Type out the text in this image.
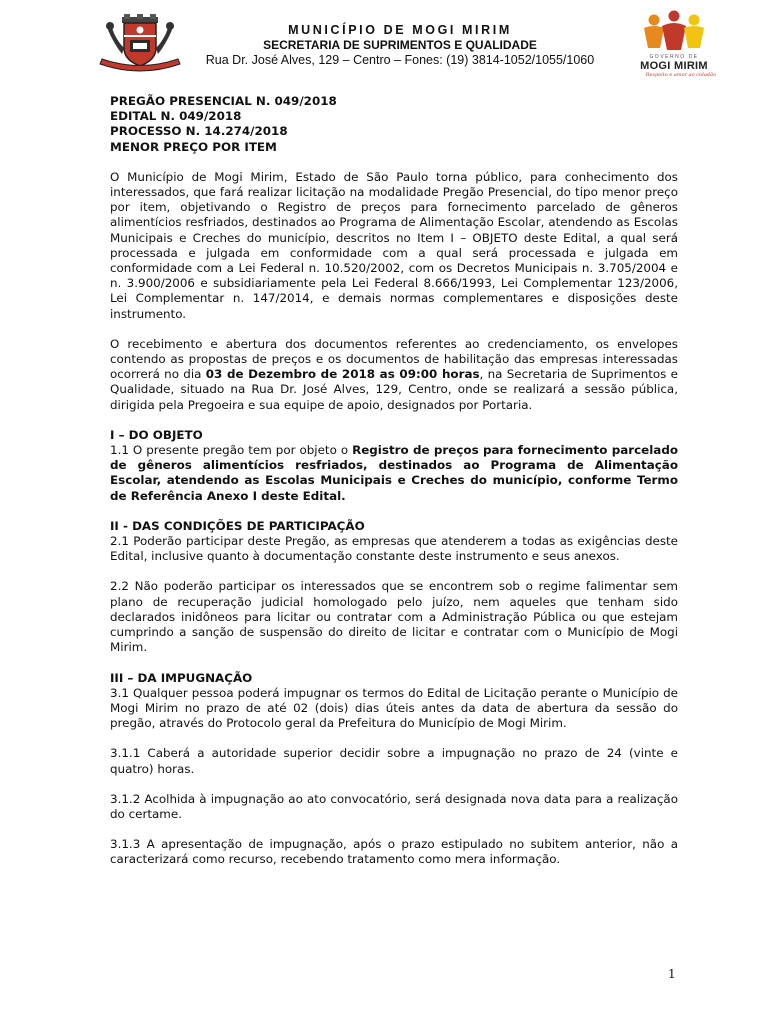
MUNICÍPIO DE MOGI MIRIM
SECRETARIA DE SUPRIMENTOS E QUALIDADE
Rua Dr. José Alves, 129 – Centro – Fones: (19) 3814-1052/1055/1060	GOVERNO DE
MOGI MIRIM
Respeito e amor ao cidadão

PREGÃO PRESENCIAL N. 049/2018
EDITAL N. 049/2018
PROCESSO N. 14.274/2018
MENOR PREÇO POR ITEM

O Município de Mogi Mirim, Estado de São Paulo torna público, para conhecimento dos interessados, que fará realizar licitação na modalidade Pregão Presencial, do tipo menor preço por item, objetivando o Registro de preços para fornecimento parcelado de gêneros alimentícios resfriados, destinados ao Programa de Alimentação Escolar, atendendo as Escolas Municipais e Creches do município, descritos no Item I – OBJETO deste Edital, a qual será processada e julgada em conformidade com a qual será processada e julgada em conformidade com a Lei Federal n. 10.520/2002, com os Decretos Municipais n. 3.705/2004 e n. 3.900/2006 e subsidiariamente pela Lei Federal 8.666/1993, Lei Complementar 123/2006, Lei Complementar n. 147/2014, e demais normas complementares e disposições deste instrumento.

O recebimento e abertura dos documentos referentes ao credenciamento, os envelopes contendo as propostas de preços e os documentos de habilitação das empresas interessadas ocorrerá no dia 03 de Dezembro de 2018 as 09:00 horas, na Secretaria de Suprimentos e Qualidade, situado na Rua Dr. José Alves, 129, Centro, onde se realizará a sessão pública, dirigida pela Pregoeira e sua equipe de apoio, designados por Portaria.

I – DO OBJETO

1.1 O presente pregão tem por objeto o Registro de preços para fornecimento parcelado de gêneros alimentícios resfriados, destinados ao Programa de Alimentação Escolar, atendendo as Escolas Municipais e Creches do município, conforme Termo de Referência Anexo I deste Edital.

II - DAS CONDIÇÕES DE PARTICIPAÇÃO

2.1 Poderão participar deste Pregão, as empresas que atenderem a todas as exigências deste Edital, inclusive quanto à documentação constante deste instrumento e seus anexos.

2.2 Não poderão participar os interessados que se encontrem sob o regime falimentar sem plano de recuperação judicial homologado pelo juízo, nem aqueles que tenham sido declarados inidôneos para licitar ou contratar com a Administração Pública ou que estejam cumprindo a sanção de suspensão do direito de licitar e contratar com o Município de Mogi Mirim.

III – DA IMPUGNAÇÃO

3.1 Qualquer pessoa poderá impugnar os termos do Edital de Licitação perante o Município de Mogi Mirim no prazo de até 02 (dois) dias úteis antes da data de abertura da sessão do pregão, através do Protocolo geral da Prefeitura do Município de Mogi Mirim.

3.1.1 Caberá a autoridade superior decidir sobre a impugnação no prazo de 24 (vinte e quatro) horas.

3.1.2 Acolhida à impugnação ao ato convocatório, será designada nova data para a realização do certame.

3.1.3 A apresentação de impugnação, após o prazo estipulado no subitem anterior, não a caracterizará como recurso, recebendo tratamento como mera informação.

1
